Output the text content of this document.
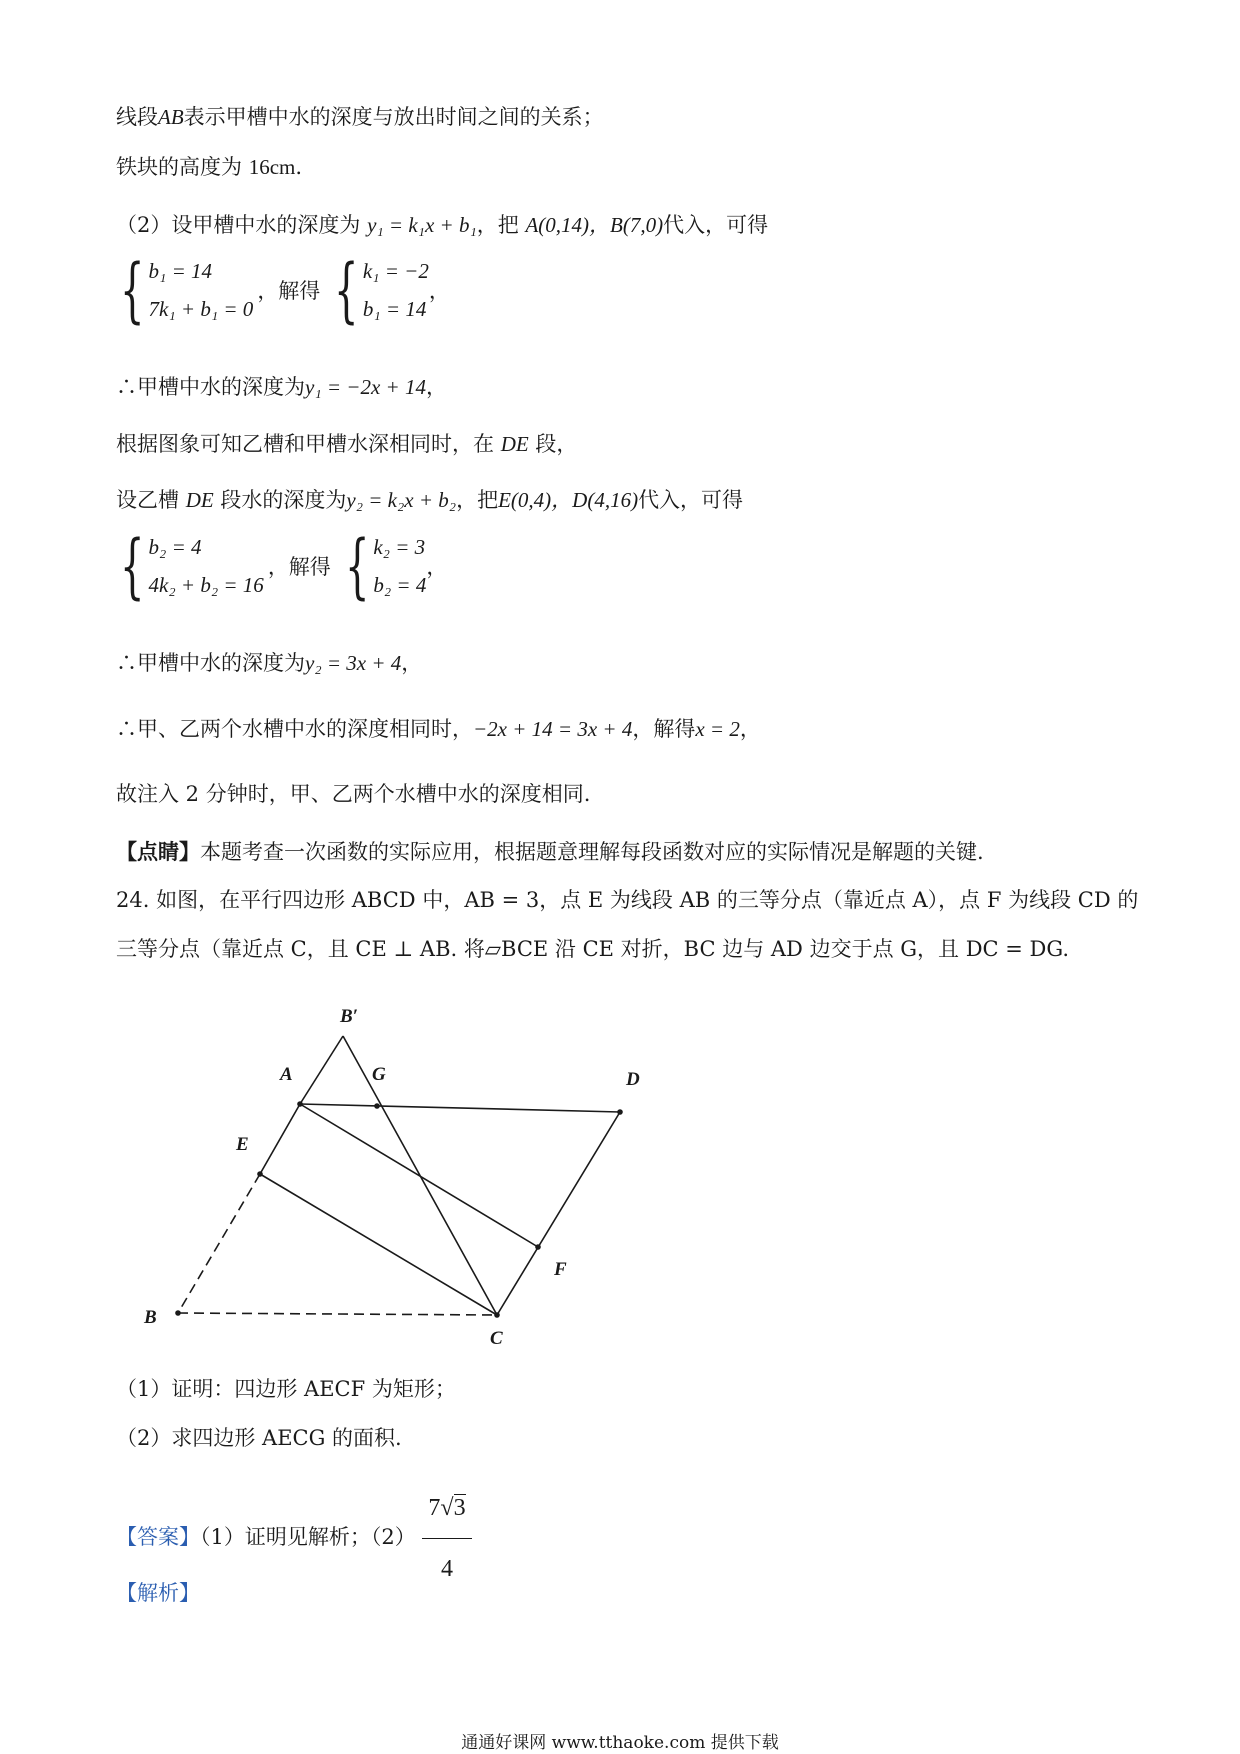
线段AB表示甲槽中水的深度与放出时间之间的关系；
铁块的高度为 16cm.
（2）设甲槽中水的深度为 y₁ = k₁x + b₁，把 A(0,14)，B(7,0)代入，可得
{ b₁ = 14
7k₁ + b₁ = 0
，解得 { k₁ = −2
b₁ = 14
，
∴甲槽中水的深度为y₁ = −2x + 14，
根据图象可知乙槽和甲槽水深相同时，在 DE 段，
设乙槽 DE 段水的深度为y₂ = k₂x + b₂，把E(0,4)，D(4,16)代入，可得
{ b₂ = 4
4k₂ + b₂ = 16
，解得 { k₂ = 3
b₂ = 4
，
∴甲槽中水的深度为y₂ = 3x + 4，
∴甲、乙两个水槽中水的深度相同时，−2x + 14 = 3x + 4，解得x = 2，
故注入 2 分钟时，甲、乙两个水槽中水的深度相同.
【点睛】本题考查一次函数的实际应用，根据题意理解每段函数对应的实际情况是解题的关键.
24. 如图，在平行四边形 ABCD 中，AB = 3，点 E 为线段 AB 的三等分点（靠近点 A），点 F 为线段 CD 的
三等分点（靠近点 C，且 CE ⊥ AB. 将▱BCE 沿 CE 对折，BC 边与 AD 边交于点 G，且 DC = DG.
B′
A	G	D
E
F
B
C
（1）证明：四边形 AECF 为矩形；
（2）求四边形 AECG 的面积.
【答案】（1）证明见解析；$(2) \frac{7√3}{4}$
【解析】
通通好课网 www.tthaoke.com 提供下载
